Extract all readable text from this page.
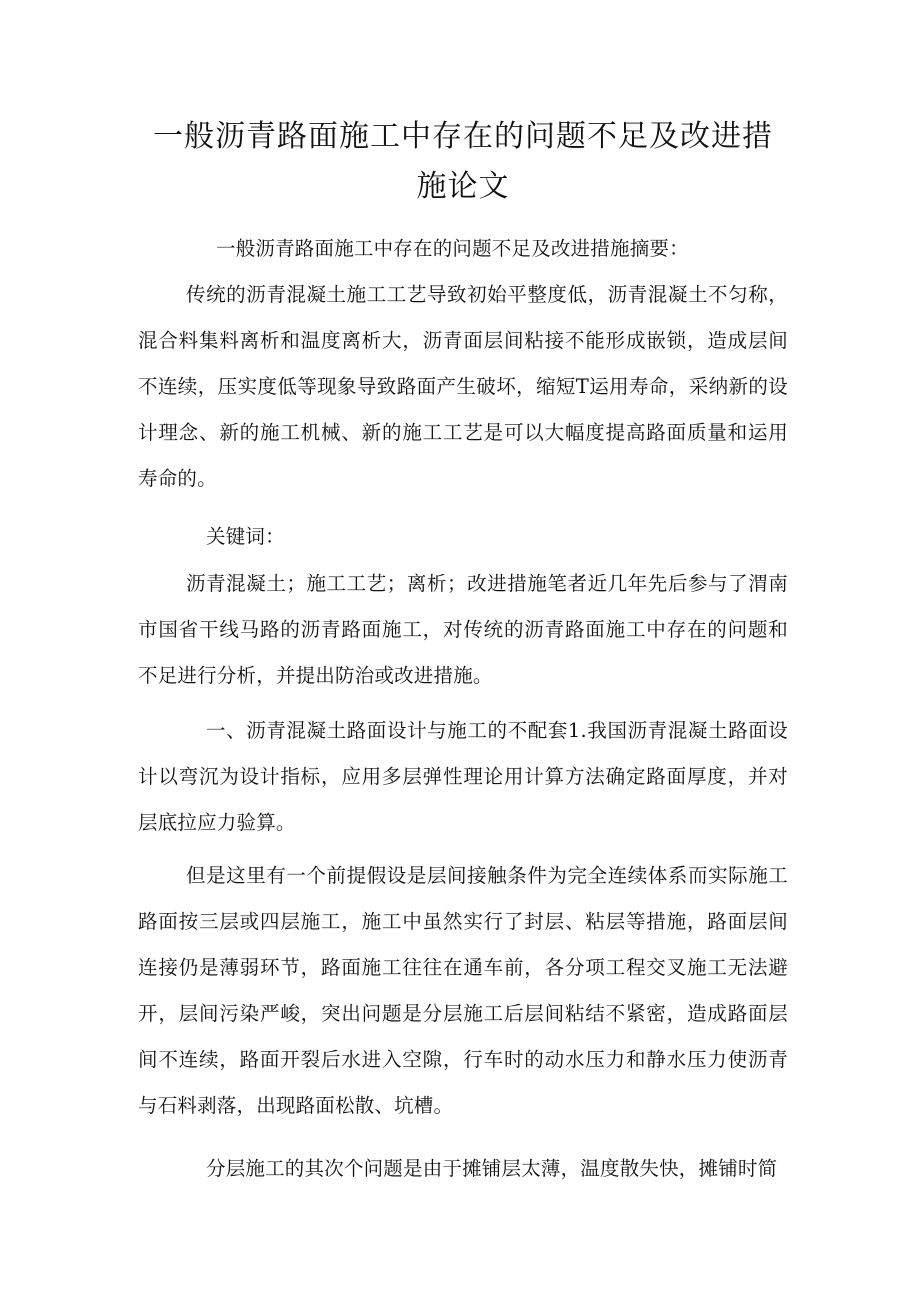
一般沥青路面施工中存在的问题不足及改进措施论文

一般沥青路面施工中存在的问题不足及改进措施摘要：

传统的沥青混凝土施工工艺导致初始平整度低，沥青混凝土不匀称，混合料集料离析和温度离析大，沥青面层间粘接不能形成嵌锁，造成层间不连续，压实度低等现象导致路面产生破坏，缩短T运用寿命，采纳新的设计理念、新的施工机械、新的施工工艺是可以大幅度提高路面质量和运用寿命的。

关键词：

沥青混凝土；施工工艺；离析；改进措施笔者近几年先后参与了渭南市国省干线马路的沥青路面施工，对传统的沥青路面施工中存在的问题和不足进行分析，并提出防治或改进措施。

一、沥青混凝土路面设计与施工的不配套1.我国沥青混凝土路面设计以弯沉为设计指标，应用多层弹性理论用计算方法确定路面厚度，并对层底拉应力验算。

但是这里有一个前提假设是层间接触条件为完全连续体系而实际施工路面按三层或四层施工，施工中虽然实行了封层、粘层等措施，路面层间连接仍是薄弱环节，路面施工往往在通车前，各分项工程交叉施工无法避开，层间污染严峻，突出问题是分层施工后层间粘结不紧密，造成路面层间不连续，路面开裂后水进入空隙，行车时的动水压力和静水压力使沥青与石料剥落，出现路面松散、坑槽。

分层施工的其次个问题是由于摊铺层太薄，温度散失快，摊铺时简
